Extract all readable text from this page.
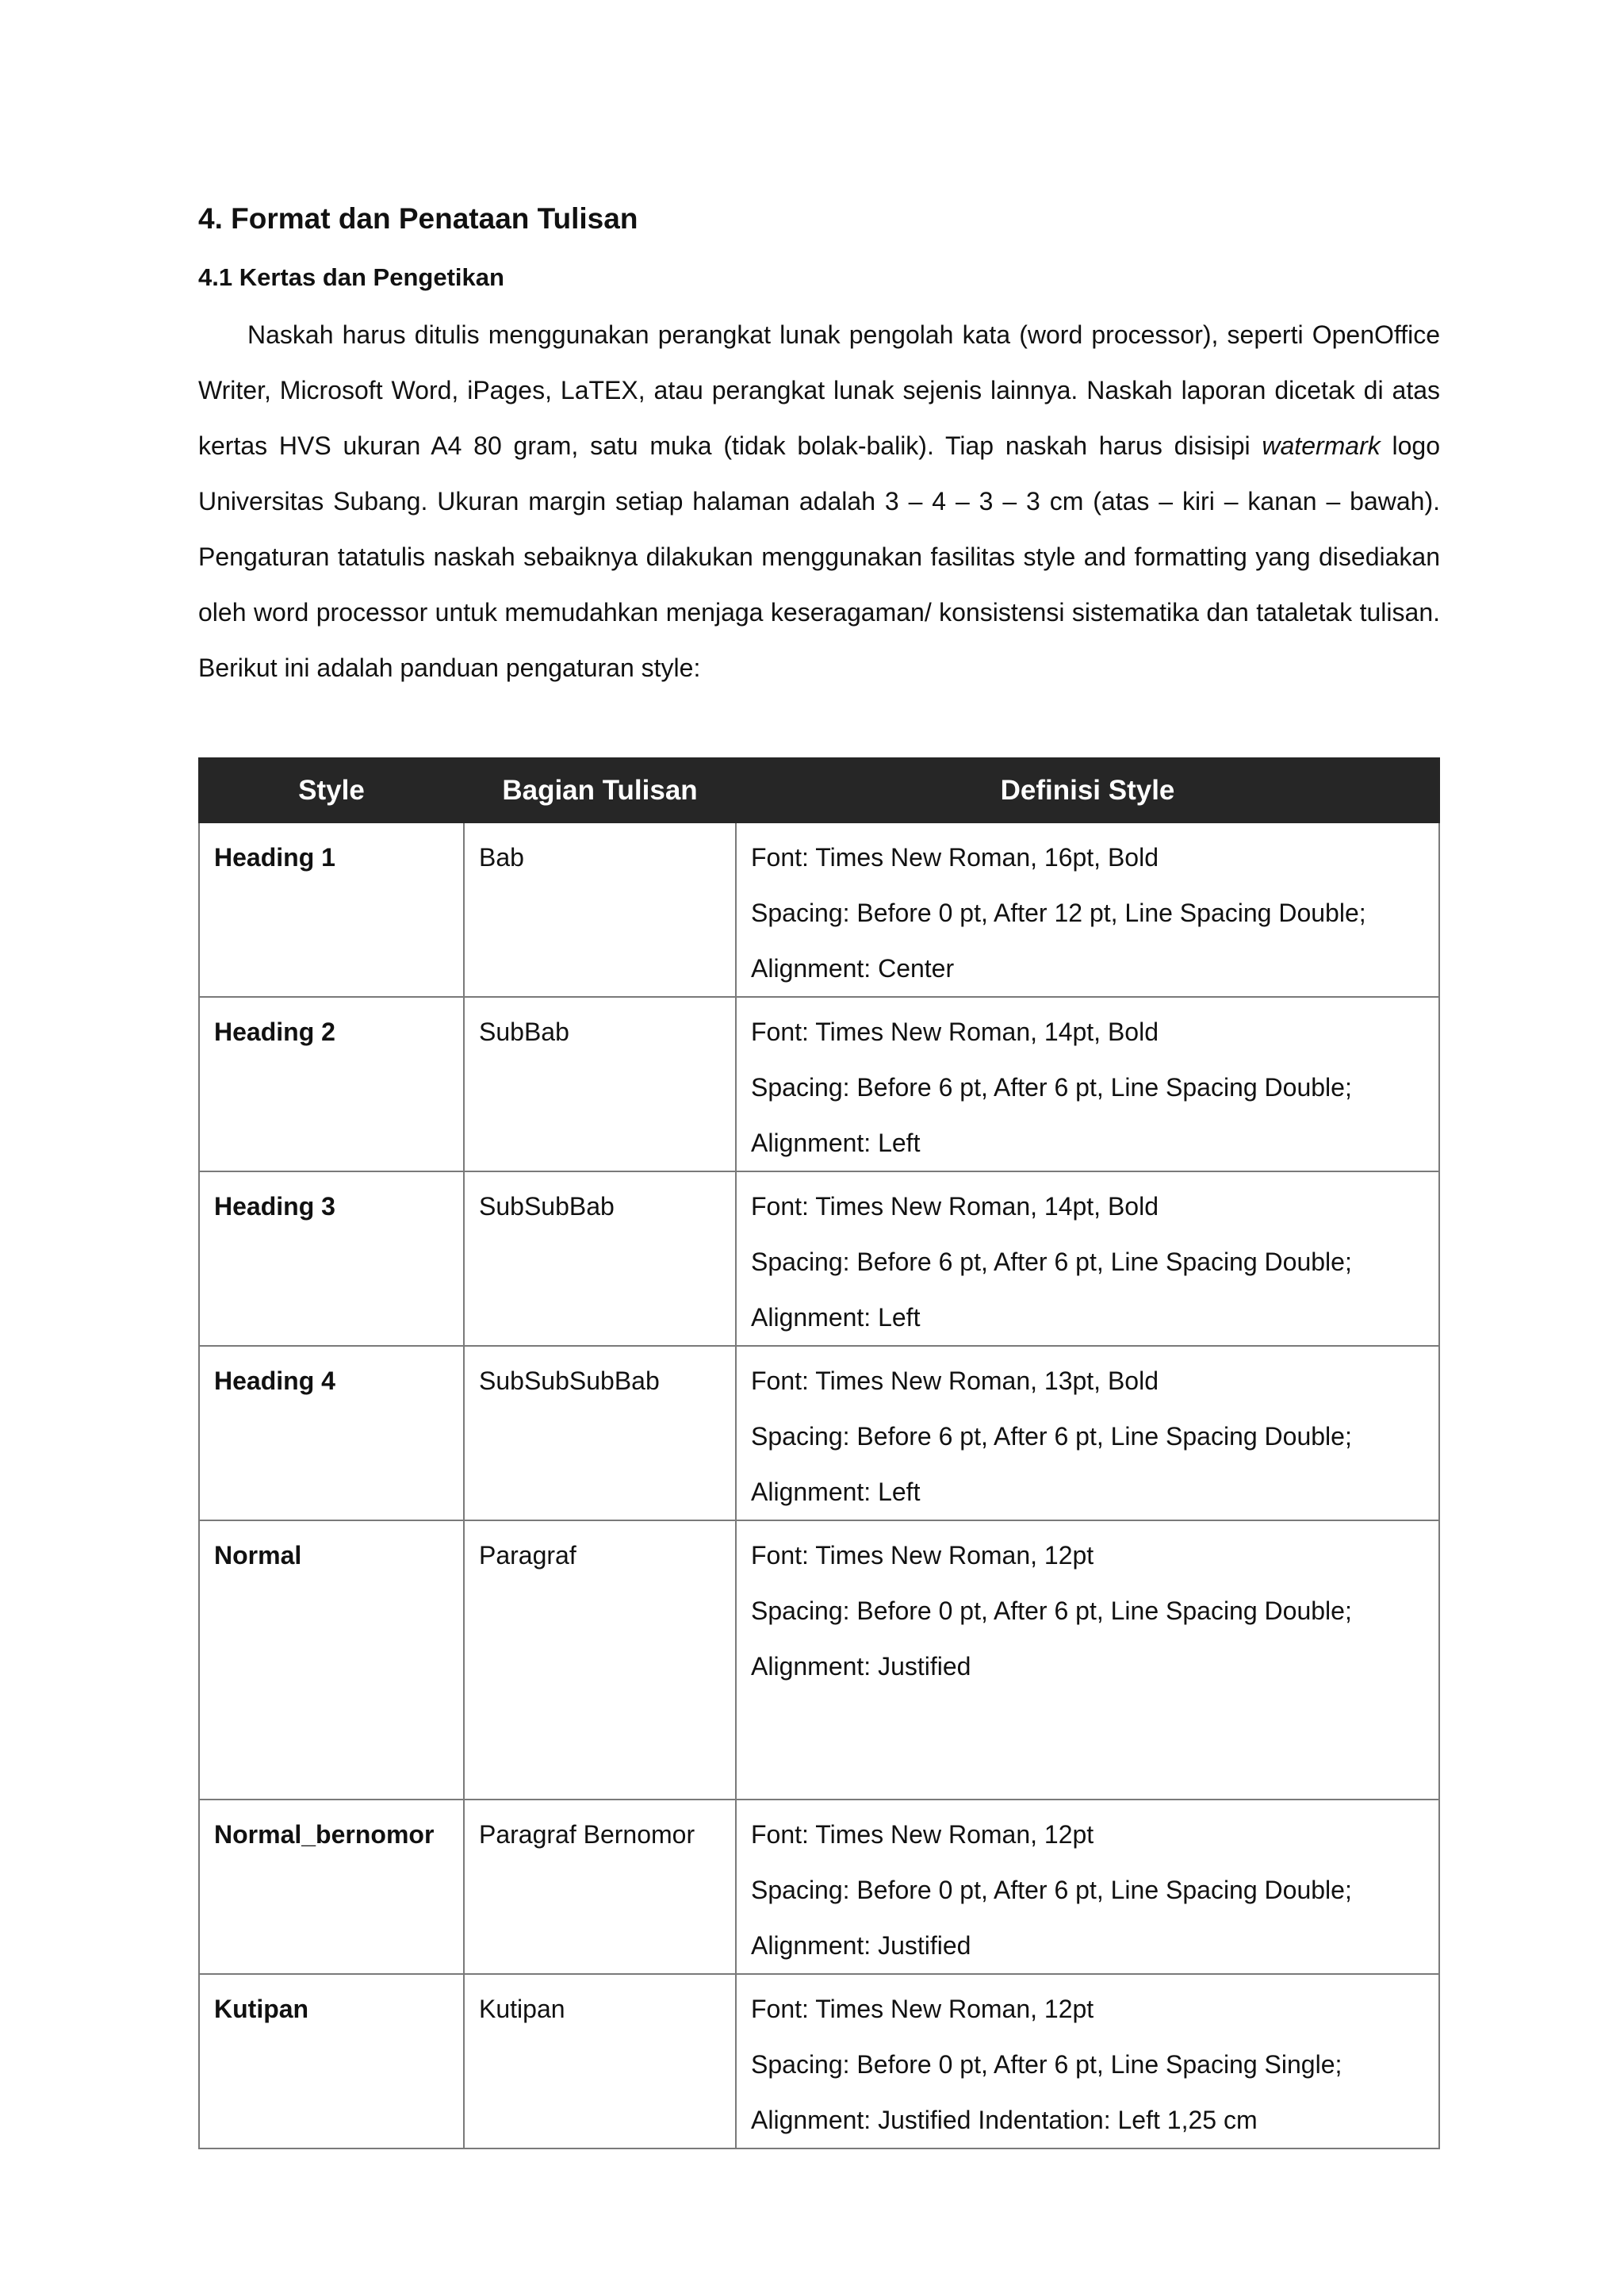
4. Format dan Penataan Tulisan
4.1 Kertas dan Pengetikan

Naskah harus ditulis menggunakan perangkat lunak pengolah kata (word processor), seperti OpenOffice Writer, Microsoft Word, iPages, LaTEX, atau perangkat lunak sejenis lainnya. Naskah laporan dicetak di atas kertas HVS ukuran A4 80 gram, satu muka (tidak bolak-balik). Tiap naskah harus disisipi watermark logo Universitas Subang. Ukuran margin setiap halaman adalah 3 – 4 – 3 – 3 cm (atas – kiri – kanan – bawah). Pengaturan tatatulis naskah sebaiknya dilakukan menggunakan fasilitas style and formatting yang disediakan oleh word processor untuk memudahkan menjaga keseragaman/ konsistensi sistematika dan tataletak tulisan. Berikut ini adalah panduan pengaturan style:

Style	Bagian Tulisan	Definisi Style
Heading 1	Bab	Font: Times New Roman, 16pt, Bold
Spacing: Before 0 pt, After 12 pt, Line Spacing Double;
Alignment: Center

Heading 2	SubBab	Font: Times New Roman, 14pt, Bold
Spacing: Before 6 pt, After 6 pt, Line Spacing Double;
Alignment: Left

Heading 3	SubSubBab	Font: Times New Roman, 14pt, Bold
Spacing: Before 6 pt, After 6 pt, Line Spacing Double;
Alignment: Left

Heading 4	SubSubSubBab	Font: Times New Roman, 13pt, Bold
Spacing: Before 6 pt, After 6 pt, Line Spacing Double;
Alignment: Left

Normal	Paragraf	Font: Times New Roman, 12pt
Spacing: Before 0 pt, After 6 pt, Line Spacing Double;
Alignment: Justified

Normal_bernomor	Paragraf Bernomor	Font: Times New Roman, 12pt
Spacing: Before 0 pt, After 6 pt, Line Spacing Double;
Alignment: Justified

Kutipan	Kutipan	Font: Times New Roman, 12pt
Spacing: Before 0 pt, After 6 pt, Line Spacing Single;
Alignment: Justified Indentation: Left 1,25 cm
